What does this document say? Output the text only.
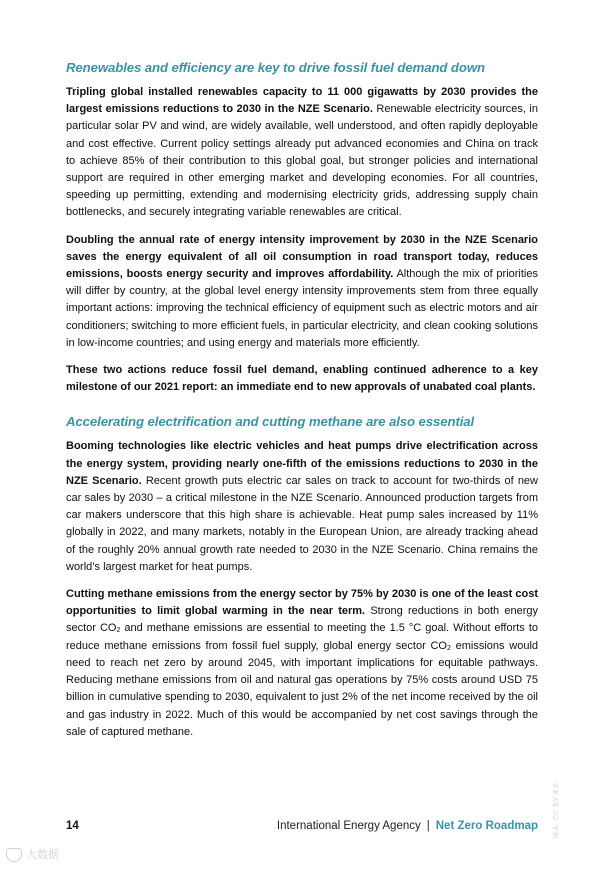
Renewables and efficiency are key to drive fossil fuel demand down

Tripling global installed renewables capacity to 11 000 gigawatts by 2030 provides the largest emissions reductions to 2030 in the NZE Scenario. Renewable electricity sources, in particular solar PV and wind, are widely available, well understood, and often rapidly deployable and cost effective. Current policy settings already put advanced economies and China on track to achieve 85% of their contribution to this global goal, but stronger policies and international support are required in other emerging market and developing economies. For all countries, speeding up permitting, extending and modernising electricity grids, addressing supply chain bottlenecks, and securely integrating variable renewables are critical.

Doubling the annual rate of energy intensity improvement by 2030 in the NZE Scenario saves the energy equivalent of all oil consumption in road transport today, reduces emissions, boosts energy security and improves affordability. Although the mix of priorities will differ by country, at the global level energy intensity improvements stem from three equally important actions: improving the technical efficiency of equipment such as electric motors and air conditioners; switching to more efficient fuels, in particular electricity, and clean cooking solutions in low-income countries; and using energy and materials more efficiently.

These two actions reduce fossil fuel demand, enabling continued adherence to a key milestone of our 2021 report: an immediate end to new approvals of unabated coal plants.

Accelerating electrification and cutting methane are also essential

Booming technologies like electric vehicles and heat pumps drive electrification across the energy system, providing nearly one-fifth of the emissions reductions to 2030 in the NZE Scenario. Recent growth puts electric car sales on track to account for two-thirds of new car sales by 2030 – a critical milestone in the NZE Scenario. Announced production targets from car makers underscore that this high share is achievable. Heat pump sales increased by 11% globally in 2022, and many markets, notably in the European Union, are already tracking ahead of the roughly 20% annual growth rate needed to 2030 in the NZE Scenario. China remains the world’s largest market for heat pumps.

Cutting methane emissions from the energy sector by 75% by 2030 is one of the least cost opportunities to limit global warming in the near term. Strong reductions in both energy sector $CO_2$ and methane emissions are essential to meeting the 1.5 °C goal. Without efforts to reduce methane emissions from fossil fuel supply, global energy sector $CO_2$ emissions would need to reach net zero by around 2045, with important implications for equitable pathways. Reducing methane emissions from oil and natural gas operations by 75% costs around USD 75 billion in cumulative spending to 2030, equivalent to just 2% of the net income received by the oil and gas industry in 2022. Much of this would be accompanied by net cost savings through the sale of captured methane.

14	International Energy Agency | Net Zero Roadmap IEA. CC BY 4.0.
大数据
